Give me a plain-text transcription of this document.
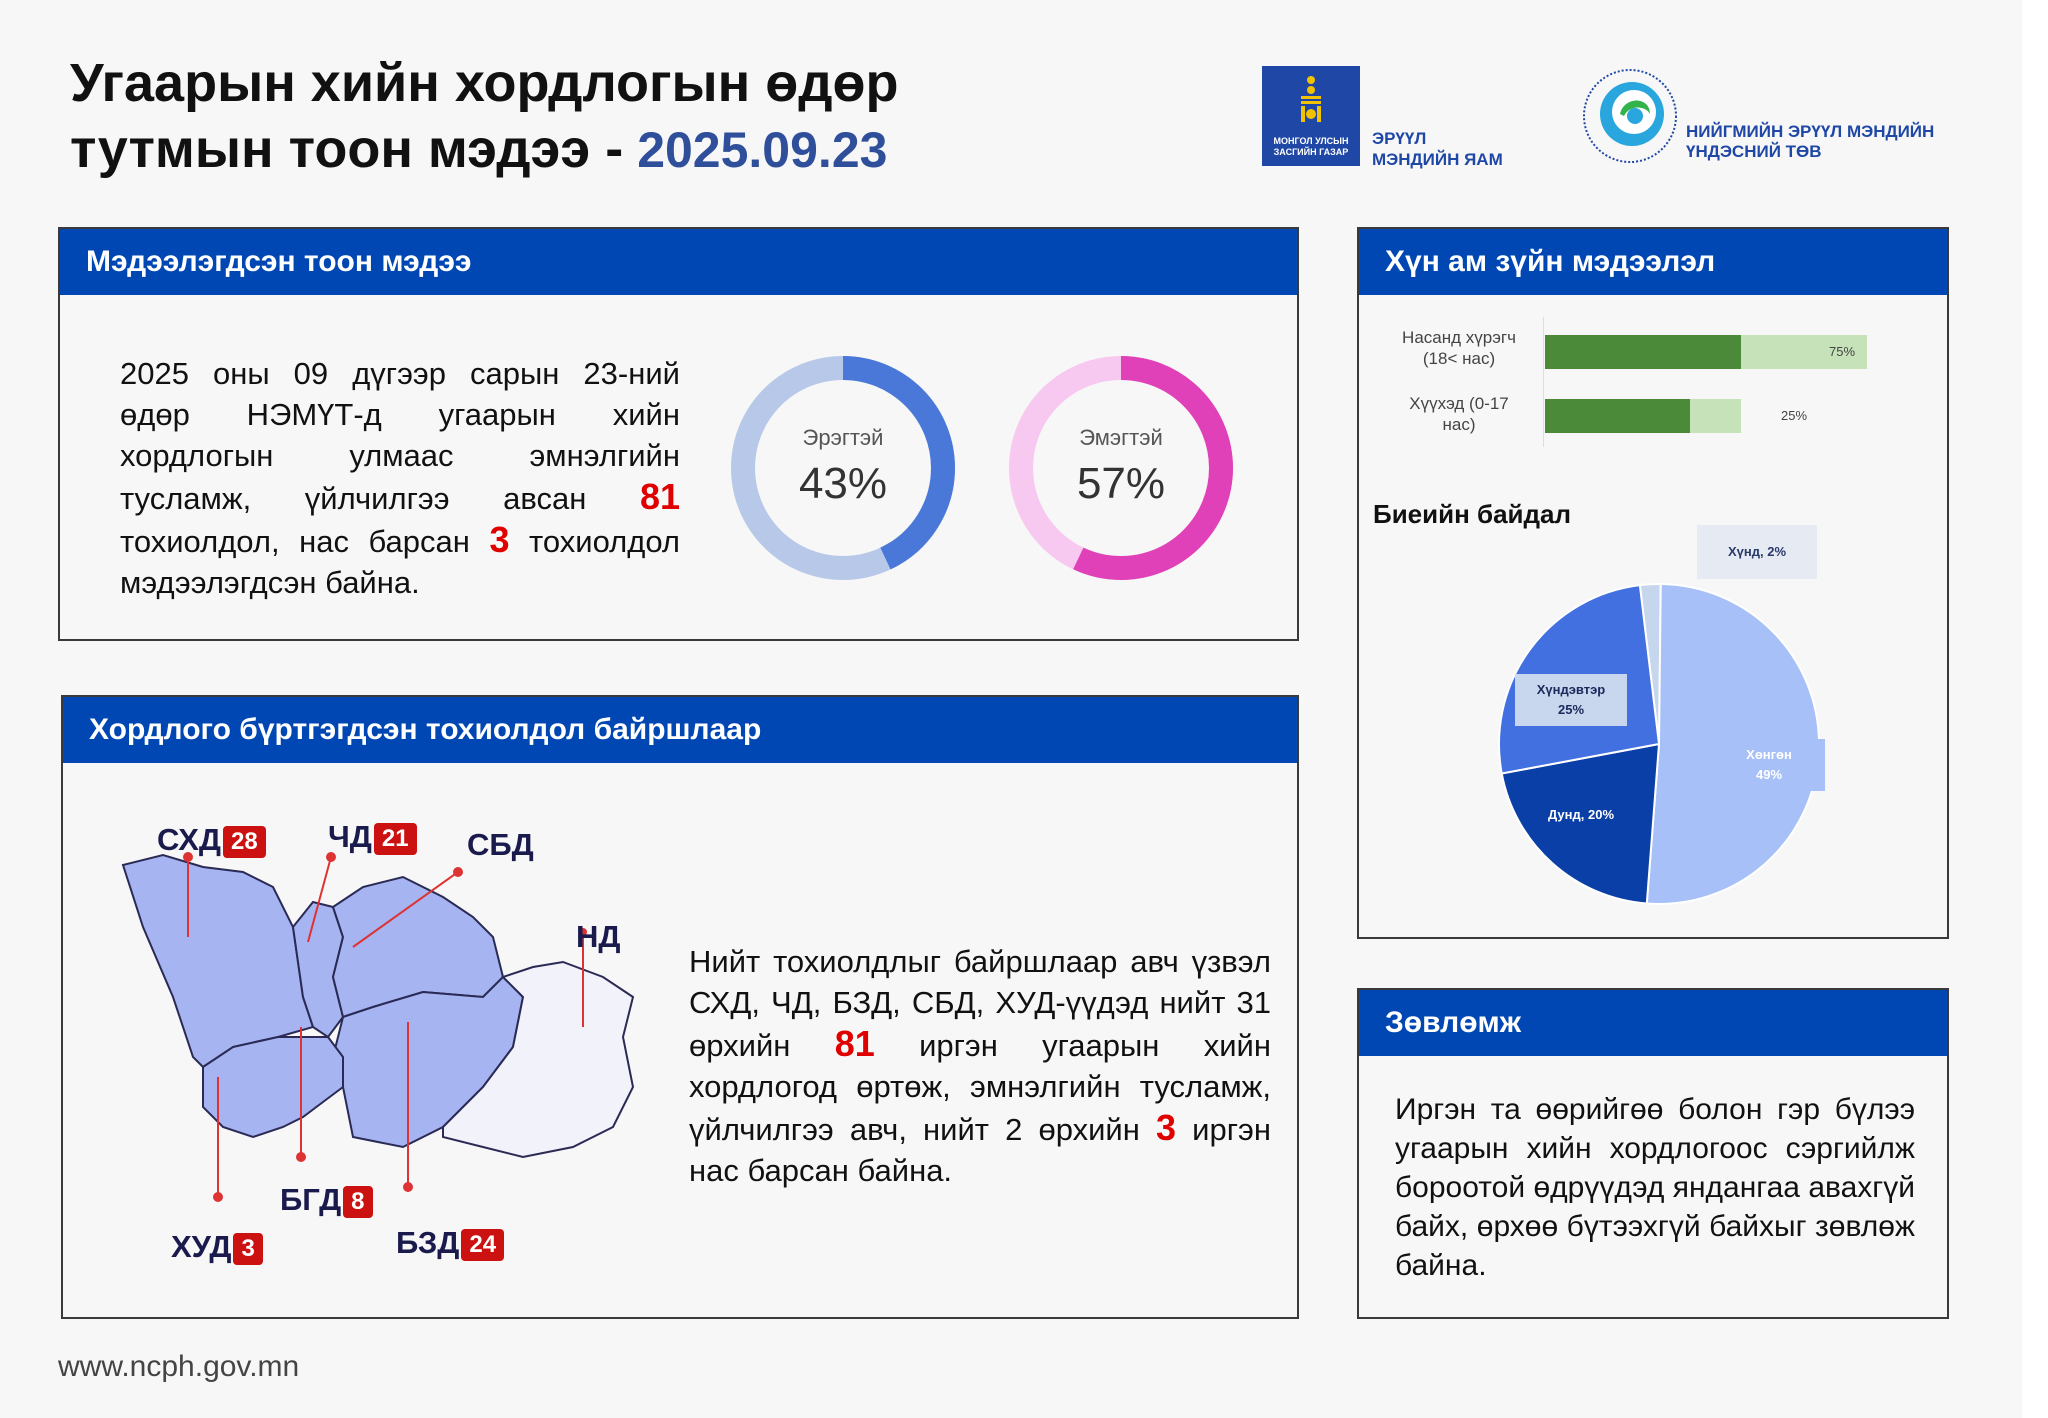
Угаарын хийн хордлогын өдөр
тутмын тоон мэдээ - 2025.09.23	МОНГОЛ УЛСЫН ЗАСГИЙН ГАЗАР
ЭРҮҮЛ
МЭНДИЙН ЯАМ
НИЙГМИЙН ЭРҮҮЛ МЭНДИЙН
ҮНДЭСНИЙ ТӨВ
Мэдээлэгдсэн тоон мэдээ
2025 оны 09 дүгээр сарын 23-ний өдөр НЭМҮТ-д угаарын хийн хордлогын улмаас эмнэлгийн тусламж, үйлчилгээ авсан 81 тохиолдол, нас барсан 3 тохиолдол мэдээлэгдсэн байна.
Эрэгтэй
43%
Эмэгтэй
57%
Хордлого бүртгэгдсэн тохиолдол байршлаар
СХД 28 ЧД 21 СБД
НД
БГД 8
ХУД 3	БЗД 24
Нийт тохиолдлыг байршлаар авч үзвэл СХД, ЧД, БЗД, СБД, ХУД-үүдэд нийт 31 өрхийн 81 иргэн угаарын хийн хордлогод өртөж, эмнэлгийн тусламж, үйлчилгээ авч, нийт 2 өрхийн 3 иргэн нас барсан байна.
Хүн ам зүйн мэдээлэл
Насанд хүрэгч
(18< нас)
Хүүхэд (0-17
нас)
75%
25%
Биеийн байдал
Хүнд, 2%
Хүндэвтэр
25%
Хөнгөн
49%
Дунд, 20%
Зөвлөмж
Иргэн та өөрийгөө болон гэр бүлээ угаарын хийн хордлогоос сэргийлж бороотой өдрүүдэд яндангаа авахгүй байх, өрхөө бүтээхгүй байхыг зөвлөж байна.
www.ncph.gov.mn
